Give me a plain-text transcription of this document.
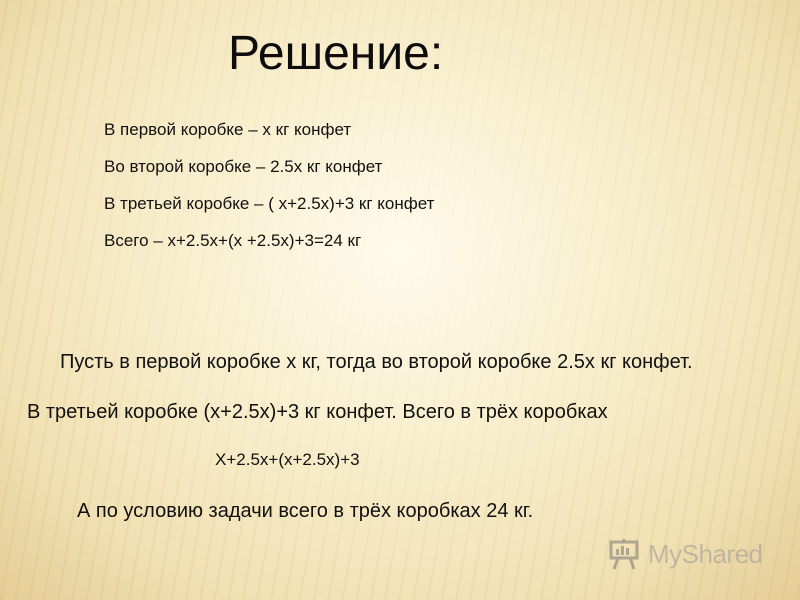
Решение:
В первой коробке – х кг конфет
Во второй коробке – 2.5х кг конфет
В третьей коробке – ( х+2.5х)+3 кг конфет
Всего – х+2.5х+(х +2.5х)+3=24 кг
Пусть в первой коробке х кг, тогда во второй коробке 2.5х кг конфет.
В третьей коробке (х+2.5х)+3 кг конфет. Всего в трёх коробках
Х+2.5х+(х+2.5х)+3
А по условию задачи всего в трёх коробках 24 кг.
MyShared
